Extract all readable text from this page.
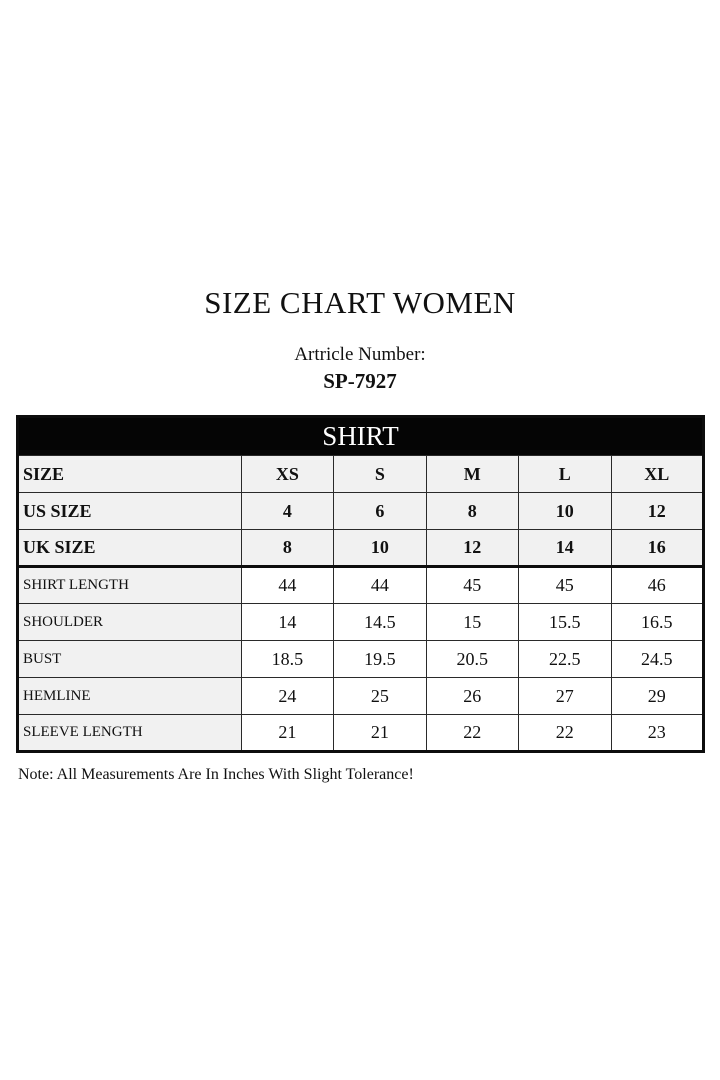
SIZE CHART WOMEN
Artricle Number:
SP-7927
SHIRT					
SIZE	XS	S	M	L	XL
US SIZE	4	6	8	10	12
UK SIZE	8	10	12	14	16
SHIRT LENGTH	44	44	45	45	46
SHOULDER	14	14.5	15	15.5	16.5
BUST	18.5	19.5	20.5	22.5	24.5
HEMLINE	24	25	26	27	29
SLEEVE LENGTH	21	21	22	22	23
Note: All Measurements Are In Inches With Slight Tolerance!
